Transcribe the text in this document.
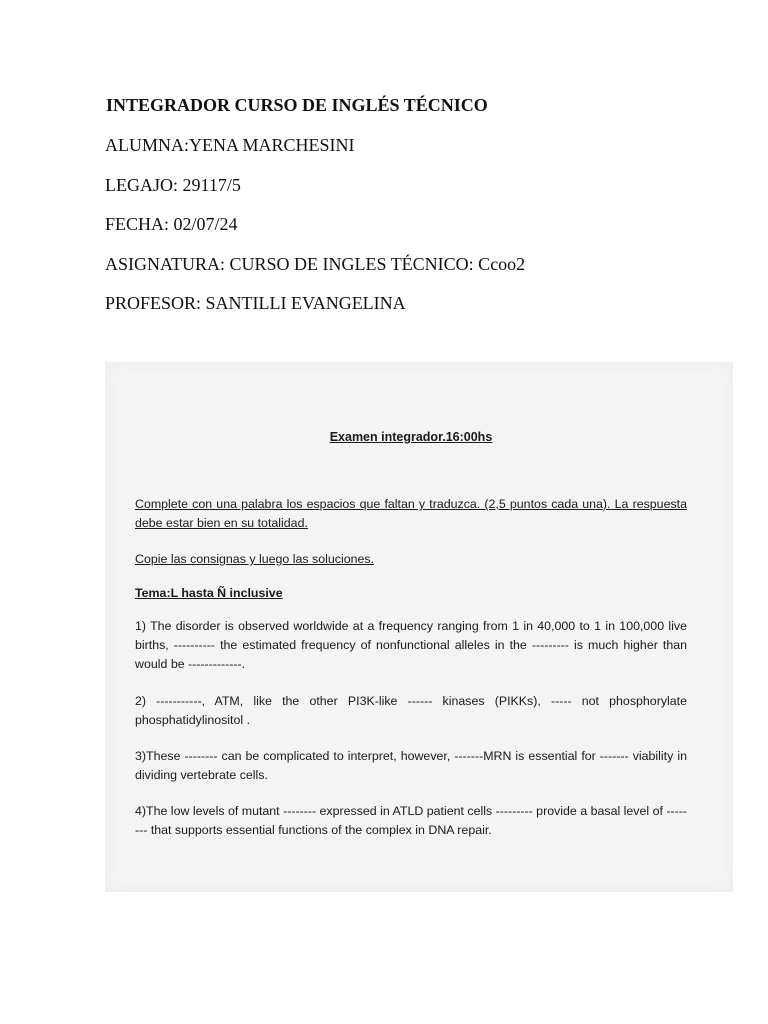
INTEGRADOR CURSO DE INGLÉS TÉCNICO
ALUMNA:YENA MARCHESINI
LEGAJO: 29117/5
FECHA: 02/07/24
ASIGNATURA: CURSO DE INGLES TÉCNICO: Ccoo2
PROFESOR: SANTILLI EVANGELINA
Examen integrador.16:00hs
Complete con una palabra los espacios que faltan y traduzca. (2,5 puntos cada una). La respuesta debe estar bien en su totalidad.
Copie las consignas y luego las soluciones.
Tema:L hasta Ñ inclusive
1) The disorder is observed worldwide at a frequency ranging from 1 in 40,000 to 1 in 100,000 live births, ---------- the estimated frequency of nonfunctional alleles in the --------- is much higher than would be -------------.
2) -----------, ATM, like the other PI3K-like ------ kinases (PIKKs), ----- not phosphorylate phosphatidylinositol .
3)These -------- can be complicated to interpret, however, -------MRN is essential for ------- viability in dividing vertebrate cells.
4)The low levels of mutant -------- expressed in ATLD patient cells --------- provide a basal level of -------- that supports essential functions of the complex in DNA repair.
